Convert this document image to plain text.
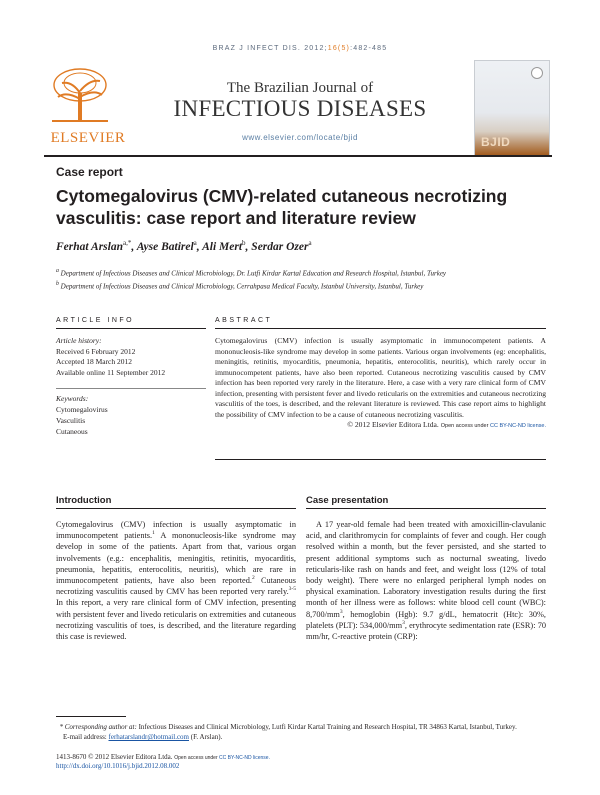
BRAZ J INFECT DIS. 2012;16(5):482-485
ELSEVIER
The Brazilian Journal of
INFECTIOUS DISEASES
www.elsevier.com/locate/bjid	BJID
Case report
Cytomegalovirus (CMV)-related cutaneous necrotizing vasculitis: case report and literature review
Ferhat Arslan$^{a,*}$, Ayse Batirel$^a$, Ali Mert$^b$, Serdar Ozer$^a$
$^a$ Department of Infectious Diseases and Clinical Microbiology, Dr. Lutfi Kirdar Kartal Education and Research Hospital, Istanbul, Turkey
$^b$ Department of Infectious Diseases and Clinical Microbiology, Cerrahpasa Medical Faculty, Istanbul University, Istanbul, Turkey
ARTICLE INFO	ABSTRACT
Article history:
Received 6 February 2012
Accepted 18 March 2012
Available online 11 September 2012
Keywords:
Cytomegalovirus
Vasculitis
Cutaneous
Cytomegalovirus (CMV) infection is usually asymptomatic in immunocompetent patients. A mononucleosis-like syndrome may develop in some patients. Various organ involvements (eg: encephalitis, meningitis, retinitis, myocarditis, pneumonia, hepatitis, enterocolitis, neuritis), which rarely occur in immunocompetent patients, have also been reported. Cutaneous necrotizing vasculitis caused by CMV infection has been reported very rarely in the literature. Here, a case with a very rare clinical form of CMV infection, presenting with persistent fever and livedo reticularis on the extremities and cutaneous necrotizing vasculitis of the toes, is described, and the relevant literature is reviewed. This case report aims to highlight the possibility of CMV infection to be a cause of cutaneous necrotizing vasculitis.
© 2012 Elsevier Editora Ltda. Open access under CC BY-NC-ND license.
Introduction	Case presentation

Cytomegalovirus (CMV) infection is usually asymptomatic in immunocompetent patients.$^1$ A mononucleosis-like syndrome may develop in some of the patients. Apart from that, various organ involvements (e.g.: encephalitis, meningitis, retinitis, myocarditis, pneumonia, hepatitis, enterocolitis, neuritis), which are rare in immunocompetent patients, have also been reported.$^2$ Cutaneous necrotizing vasculitis caused by CMV has been reported very rarely.$^{3-5}$ In this report, a very rare clinical form of CMV infection, presenting with persistent fever and livedo reticularis on extremities and cutaneous necrotizing vasculitis of toes, is described, and the literature regarding this case is reviewed.

A 17 year-old female had been treated with amoxicillin-clavulanic acid, and clarithromycin for complaints of fever and cough. Her cough resolved within a month, but the fever persisted, and she started to present additional symptoms such as nocturnal sweating, livedo reticularis-like rash on hands and feet, and weight loss (12% of total body weight). There were no enlarged peripheral lymph nodes on physical examination. Laboratory investigation results during the first month of her illness were as follows: white blood cell count (WBC): $8,700/mm^3$, hemoglobin (Hgb): 9.7 g/dL, hematocrit (Htc): 30%, platelets (PLT): $534,000/mm^3$, erythrocyte sedimentation rate (ESR): 70 mm/hr, C-reactive protein (CRP):

* Corresponding author at: Infectious Diseases and Clinical Microbiology, Lutfi Kirdar Kartal Training and Research Hospital, TR 34863 Kartal, Istanbul, Turkey.
E-mail address: ferhatarslandr@hotmail.com (F. Arslan).
1413-8670 © 2012 Elsevier Editora Ltda. Open access under CC BY-NC-ND license.
http://dx.doi.org/10.1016/j.bjid.2012.08.002
